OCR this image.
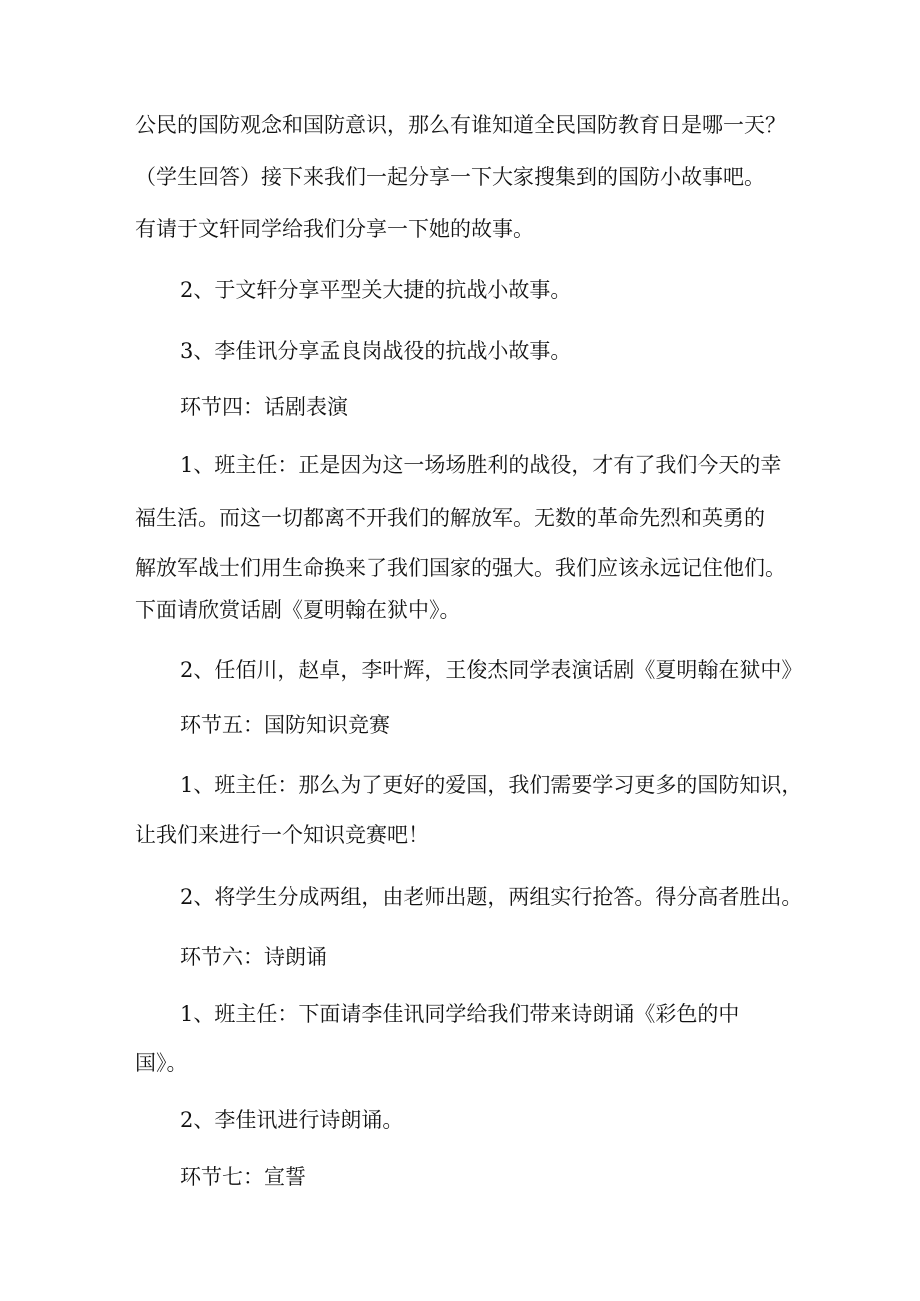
公民的国防观念和国防意识，那么有谁知道全民国防教育日是哪一天？
（学生回答）接下来我们一起分享一下大家搜集到的国防小故事吧。
有请于文轩同学给我们分享一下她的故事。
2、于文轩分享平型关大捷的抗战小故事。
3、李佳讯分享孟良岗战役的抗战小故事。
环节四：话剧表演
1、班主任：正是因为这一场场胜利的战役，才有了我们今天的幸
福生活。而这一切都离不开我们的解放军。无数的革命先烈和英勇的
解放军战士们用生命换来了我们国家的强大。我们应该永远记住他们。
下面请欣赏话剧《夏明翰在狱中》。
2、任佰川，赵卓，李叶辉，王俊杰同学表演话剧《夏明翰在狱中》
环节五：国防知识竞赛
1、班主任：那么为了更好的爱国，我们需要学习更多的国防知识，
让我们来进行一个知识竞赛吧！
2、将学生分成两组，由老师出题，两组实行抢答。得分高者胜出。
环节六：诗朗诵
1、班主任：下面请李佳讯同学给我们带来诗朗诵《彩色的中
国》。
2、李佳讯进行诗朗诵。
环节七：宣誓
